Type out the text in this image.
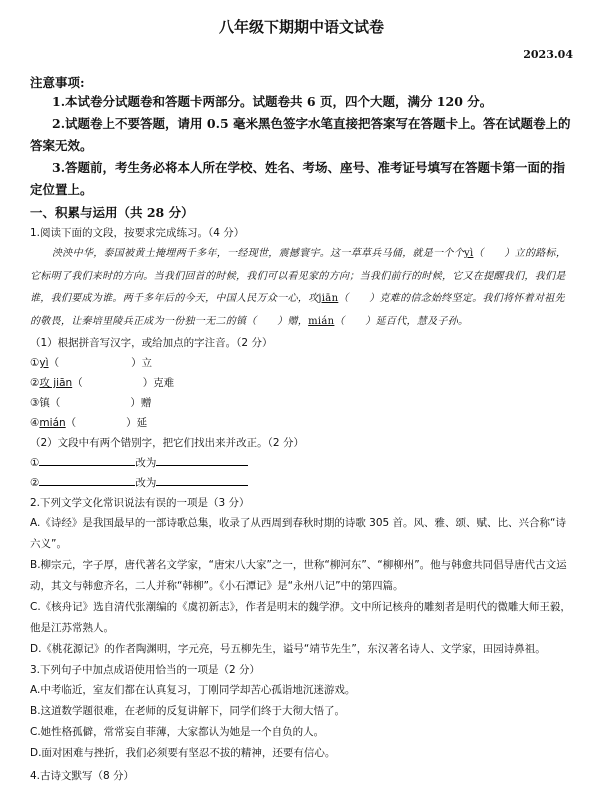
八年级下期期中语文试卷
2023.04
注意事项:
1.本试卷分试题卷和答题卡两部分。试题卷共 6 页，四个大题，满分 120 分。
2.试题卷上不要答题，请用 0.5 毫米黑色签字水笔直接把答案写在答题卡上。答在试题卷上的答案无效。
3.答题前，考生务必将本人所在学校、姓名、考场、座号、准考证号填写在答题卡第一面的指定位置上。
一、积累与运用（共 28 分）
1.阅读下面的文段，按要求完成练习。（4 分）
泱泱中华，泰国被黄土掩埋两千多年，一经现世，震撼寰宇。这一草草兵马俑，就是一个个yì（　　）立的路标，它标明了我们来时的方向。当我们回首的时候，我们可以看见家的方向；当我们前行的时候，它又在提醒我们，我们是谁，我们要成为谁。两千多年后的今天，中国人民万众一心，攻jiān（　　）克难的信念始终坚定。我们将怀着对祖先的敬畏，让秦培里陵兵正成为一份独一无二的镇（　　）赠，mián（　　）延百代，慧及子孙。
（1）根据拼音写汉字，或给加点的字注音。（2 分）
① yì （	）立
② 攻 jiān （	）克难
③ 镇 （	）赠
④ mián （	）延
（2）文段中有两个错别字，把它们找出来并改正。（2 分）
①	改为
②	改为
2.下列文学文化常识说法有误的一项是（3 分）
A.《诗经》是我国最早的一部诗歌总集，收录了从西周到春秋时期的诗歌 305 首。风、雅、颂、赋、比、兴合称“诗六义”。
B.柳宗元，字子厚，唐代著名文学家，“唐宋八大家”之一，世称“柳河东”、“柳柳州”。他与韩愈共同倡导唐代古文运动，其文与韩愈齐名，二人并称“韩柳”。《小石潭记》是“永州八记”中的第四篇。
C.《核舟记》选自清代张潮编的《虞初新志》，作者是明末的魏学洢。文中所记核舟的雕刻者是明代的微雕大师王毅，他是江苏常熟人。
D.《桃花源记》的作者陶渊明，字元亮，号五柳先生，谥号“靖节先生”，东汉著名诗人、文学家，田园诗鼻祖。
3.下列句子中加点成语使用恰当的一项是（2 分）
A.中考临近，室友们都在认真复习，丁刚同学却苦心孤诣地沉迷游戏。
B.这道数学题很难，在老师的反复讲解下，同学们终于大彻大悟了。
C.她性格孤僻，常常妄自菲薄，大家都认为她是一个自负的人。
D.面对困难与挫折，我们必须要有坚忍不拔的精神，还要有信心。
4.古诗文默写（8 分）
